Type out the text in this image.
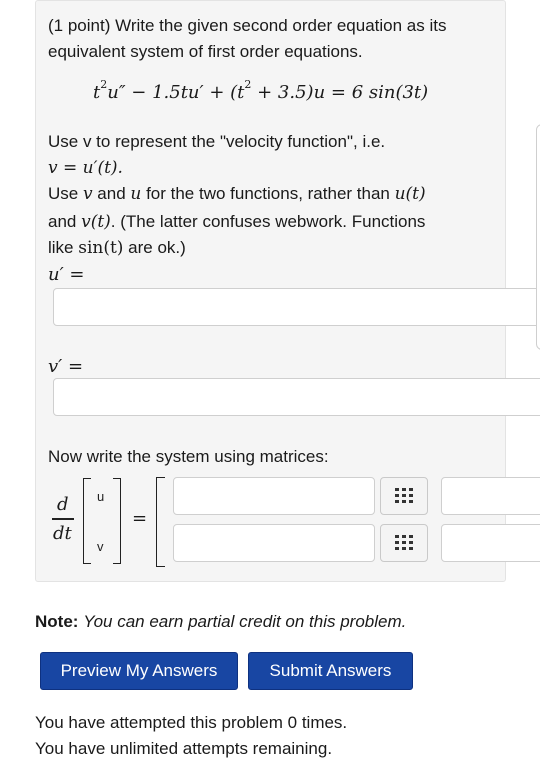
(1 point) Write the given second order equation as its
equivalent system of first order equations.
$t^2u'' - 1.5tu' + (t^2 + 3.5)u = 6$ sin(3t)
Use v to represent the "velocity function", i.e.
v = u′(t).
Use v and u for the two functions, rather than u(t)
and v(t). (The latter confuses webwork. Functions
like sin(t) are ok.)
u′ =
v′ =
Now write the system using matrices:
d
dt
u
v
=
Note: You can earn partial credit on this problem.
Preview My Answers	Submit Answers
You have attempted this problem 0 times.
You have unlimited attempts remaining.
